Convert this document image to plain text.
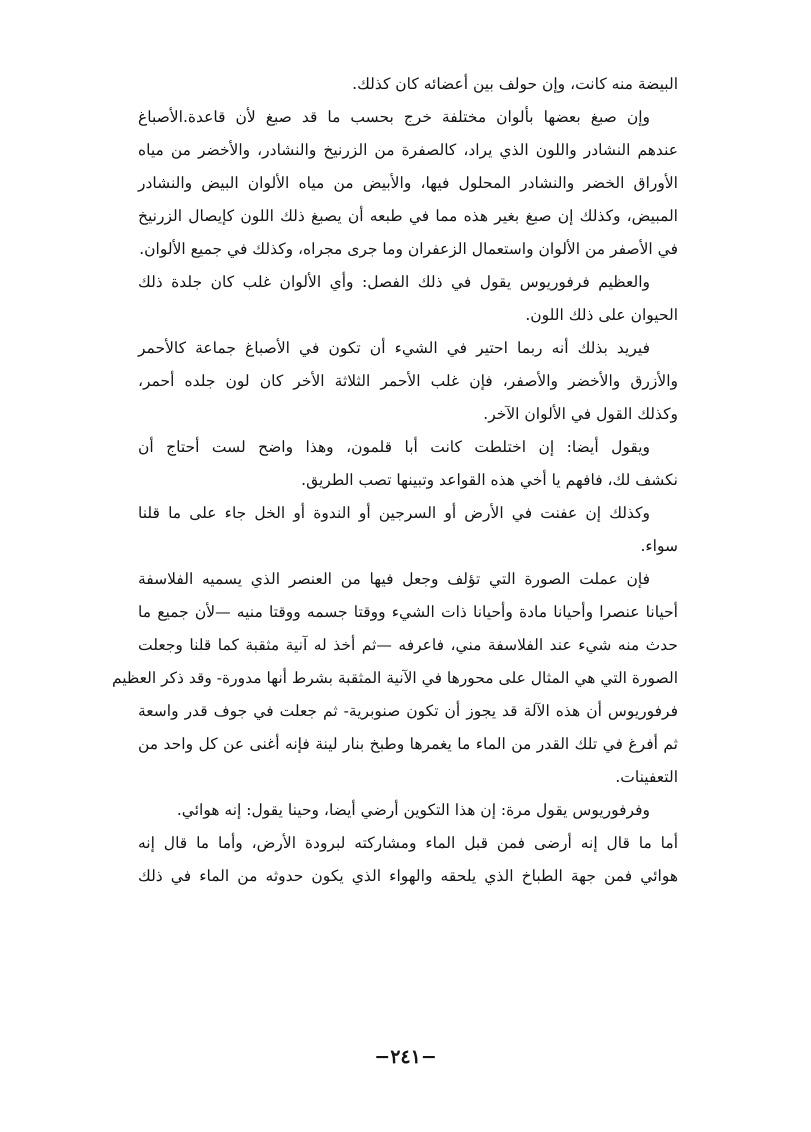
البيضة منه كانت، وإن حولف بين أعضائه كان كذلك.
وإن صبغ بعضها بألوان مختلفة خرج بحسب ما قد صبغ لأن قاعدة.الأصباغ
عندهم النشادر واللون الذي يراد، كالصفرة من الزرنيخ والنشادر، والأخضر من مياه
الأوراق الخضر والنشادر المحلول فيها، والأبيض من مياه الألوان البيض والنشادر
المبيض، وكذلك إن صبغ بغير هذه مما في طبعه أن يصبغ ذلك اللون كإيصال الزرنيخ
في الأصفر من الألوان واستعمال الزعفران وما جرى مجراه، وكذلك في جميع الألوان.
والعظيم فرفوريوس يقول في ذلك الفصل: وأي الألوان غلب كان جلدة ذلك
الحيوان على ذلك اللون.
فيريد بذلك أنه ربما احتير في الشيء أن تكون في الأصباغ جماعة كالأحمر
والأزرق والأخضر والأصفر، فإن غلب الأحمر الثلاثة الأخر كان لون جلده أحمر،
وكذلك القول في الألوان الآخر.
ويقول أيضا: إن اختلطت كانت أبا قلمون، وهذا واضح لست أحتاج أن
نكشف لك، فافهم يا أخي هذه القواعد وتبينها تصب الطريق.
وكذلك إن عفنت في الأرض أو السرجين أو الندوة أو الخل جاء على ما قلنا
سواء.
فإن عملت الصورة التي تؤلف وجعل فيها من العنصر الذي يسميه الفلاسفة
أحيانا عنصرا وأحيانا مادة وأحيانا ذات الشيء ووقتا جسمه ووقتا منيه —لأن جميع ما
حدث منه شيء عند الفلاسفة مني، فاعرفه —ثم أخذ له آنية مثقبة كما قلنا وجعلت
الصورة التي هي المثال على محورها في الآنية المثقبة بشرط أنها مدورة- وقد ذكر العظيم
فرفوريوس أن هذه الآلة قد يجوز أن تكون صنوبرية- ثم جعلت في جوف قدر واسعة
ثم أفرغ في تلك القدر من الماء ما يغمرها وطبخ بنار لينة فإنه أغنى عن كل واحد من
التعفينات.
وفرفوريوس يقول مرة: إن هذا التكوين أرضي أيضا، وحينا يقول: إنه هوائي.
أما ما قال إنه أرضى فمن قبل الماء ومشاركته لبرودة الأرض، وأما ما قال إنه
هوائي فمن جهة الطباخ الذي يلحقه والهواء الذي يكون حدوثه من الماء في ذلك
−٢٤١−
